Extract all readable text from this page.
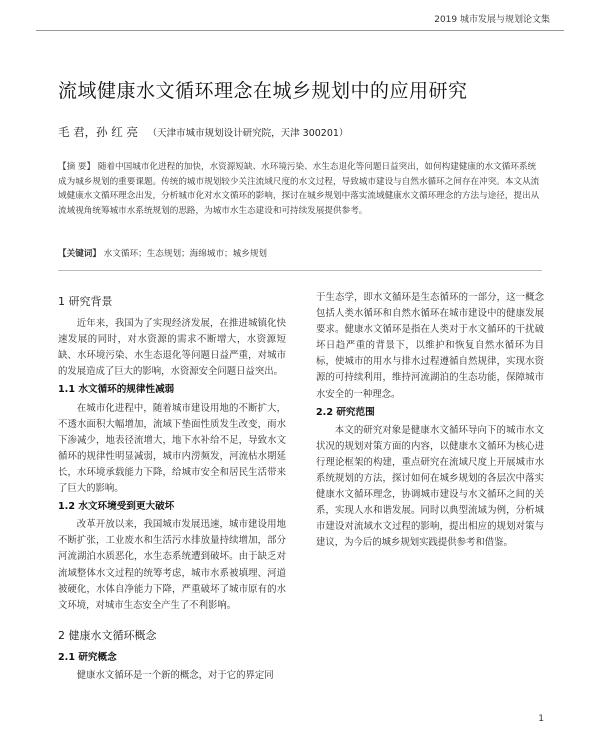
2019 城市发展与规划论文集
流域健康水文循环理念在城乡规划中的应用研究
毛 君，孙 红 亮 （天津市城市规划设计研究院，天津 300201）
【摘 要】 随着中国城市化进程的加快，水资源短缺、水环境污染、水生态退化等问题日益突出，如何构建健康的水文循环系统成为城乡规划的重要课题。传统的城市规划较少关注流域尺度的水文过程，导致城市建设与自然水循环之间存在冲突。本文从流域健康水文循环理念出发，分析城市化对水文循环的影响，探讨在城乡规划中落实流域健康水文循环理念的方法与途径，提出从流域视角统筹城市水系统规划的思路，为城市水生态建设和可持续发展提供参考。
【关键词】 水文循环；生态规划；海绵城市；城乡规划
1 研究背景

近年来，我国为了实现经济发展，在推进城镇化快速发展的同时，对水资源的需求不断增大，水资源短缺、水环境污染、水生态退化等问题日益严重，对城市的发展造成了巨大的影响，水资源安全问题日益突出。

1.1 水文循环的规律性减弱

在城市化进程中，随着城市建设用地的不断扩大，不透水面积大幅增加，流域下垫面性质发生改变，雨水下渗减少，地表径流增大，地下水补给不足，导致水文循环的规律性明显减弱，城市内涝频发，河流枯水期延长，水环境承载能力下降，给城市安全和居民生活带来了巨大的影响。

1.2 水文环境受到更大破坏

改革开放以来，我国城市发展迅速，城市建设用地不断扩张，工业废水和生活污水排放量持续增加，部分河流湖泊水质恶化，水生态系统遭到破坏。由于缺乏对流域整体水文过程的统筹考虑，城市水系被填埋、河道被硬化，水体自净能力下降，严重破坏了城市原有的水文环境，对城市生态安全产生了不利影响。

2 健康水文循环概念
2.1 研究概念

健康水文循环是一个新的概念，对于它的界定同

于生态学，即水文循环是生态循环的一部分，这一概念包括人类水循环和自然水循环在城市建设中的健康发展要求。健康水文循环是指在人类对于水文循环的干扰破坏日趋严重的背景下，以维护和恢复自然水循环为目标，使城市的用水与排水过程遵循自然规律，实现水资源的可持续利用，维持河流湖泊的生态功能，保障城市水安全的一种理念。

2.2 研究范围

本文的研究对象是健康水文循环导向下的城市水文状况的规划对策方面的内容，以健康水文循环为核心进行理论框架的构建，重点研究在流域尺度上开展城市水系统规划的方法，探讨如何在城乡规划的各层次中落实健康水文循环理念，协调城市建设与水文循环之间的关系，实现人水和谐发展。同时以典型流域为例，分析城市建设对流域水文过程的影响，提出相应的规划对策与建议，为今后的城乡规划实践提供参考和借鉴。

1
